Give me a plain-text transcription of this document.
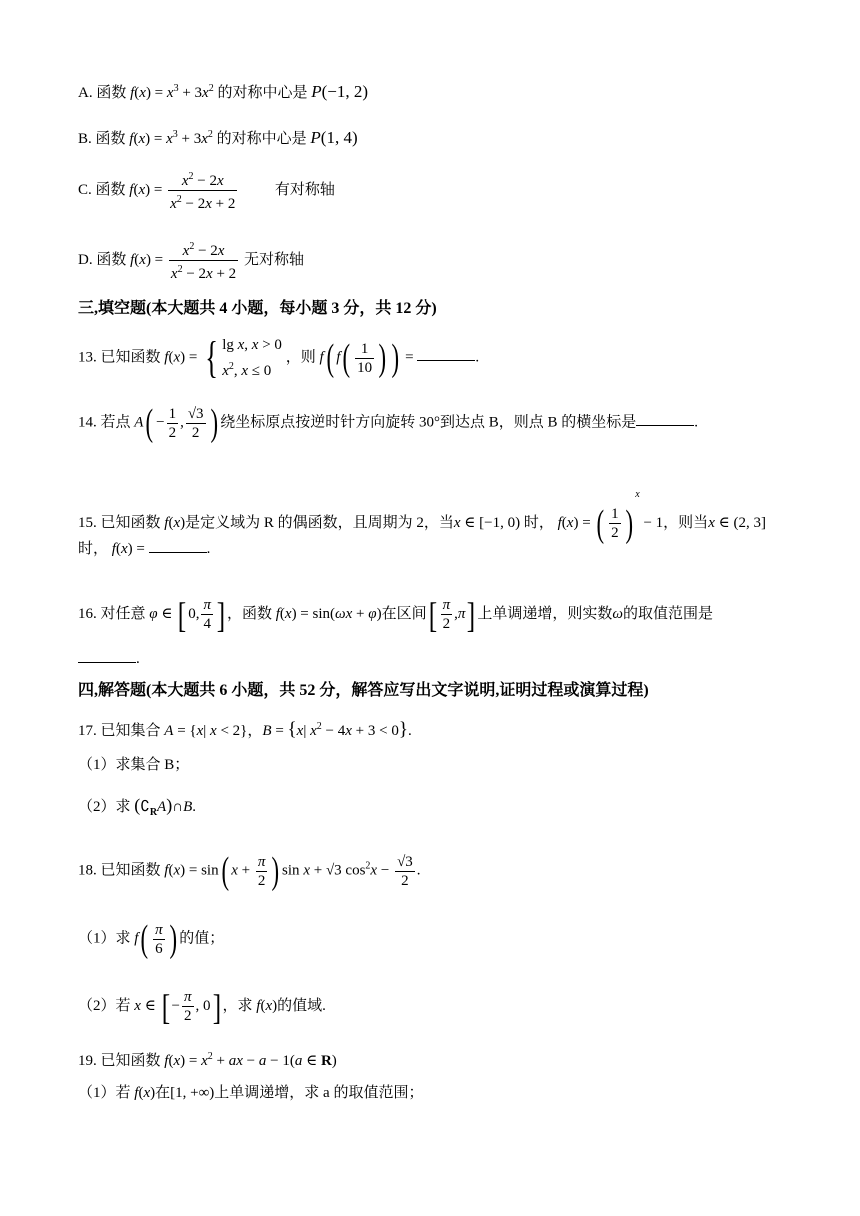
A. 函数 $f(x) = x^3 + 3x^2$ 的对称中心是 P(−1, 2)
B. 函数 $f(x) = x^3 + 3x^2$ 的对称中心是 P(1, 4)
C. 函数 $f(x) = \frac{x^2 - 2x}{x^2 - 2x + 2}$	有对称轴
D. 函数 $f(x) = \frac{x^2 - 2x}{x^2 - 2x + 2}$ 无对称轴
三,填空题(本大题共 4 小题，每小题 3 分，共 12 分)
13. 已知函数 f(x) = { lg x, x > 0
$x^2$, x ≤ 0
，则 f( $f( \frac{1}{10}$ ) ) =	.
14. 若点 $A( - \frac{1}{2}$ , $\frac{√3}{2}$ ) 绕坐标原点按逆时针方向旋转 30°到达点 B，则点 B 的横坐标是	.
15. 已知函数 f(x)是定义域为 R 的偶函数，且周期为 2，当x ∈ [−1, 0) 时， f(x) = ( $\frac{1}{2} )^x - 1$，则当x ∈ (2, 3]
时， f(x) =	.
16. 对任意 φ ∈ [ 0, $\frac{\pi}{4}$ ] ，函数 f(x) = sin(ωx + φ)在区间[ $\frac{\pi}{2} ,\pi$] 上单调递增，则实数ω的取值范围是
.
四,解答题(本大题共 6 小题，共 52 分，解答应写出文字说明,证明过程或演算过程)
17. 已知集合 A = {x| x < 2}，B = {x| $x^2 - 4x + 3 < 0$}.
（1）求集合 B；
（2）求 $(∁_RA)\cap B$.
18. 已知函数 f(x) = sin( $x + \frac{\pi}{2}$ ) sin x + √3 $\cos^2x - \frac{√3}{2}$ .
（1）求 $f( \frac{\pi}{6}$ ) 的值；
（2）若 x ∈ [ − $\frac{\pi}{2}$ , 0] ，求 f(x)的值域.
19. 已知函数 $f(x) = x^2$ + ax − a − 1(a ∈ R)
（1）若 f(x)在[1, +∞)上单调递增，求 a 的取值范围；
